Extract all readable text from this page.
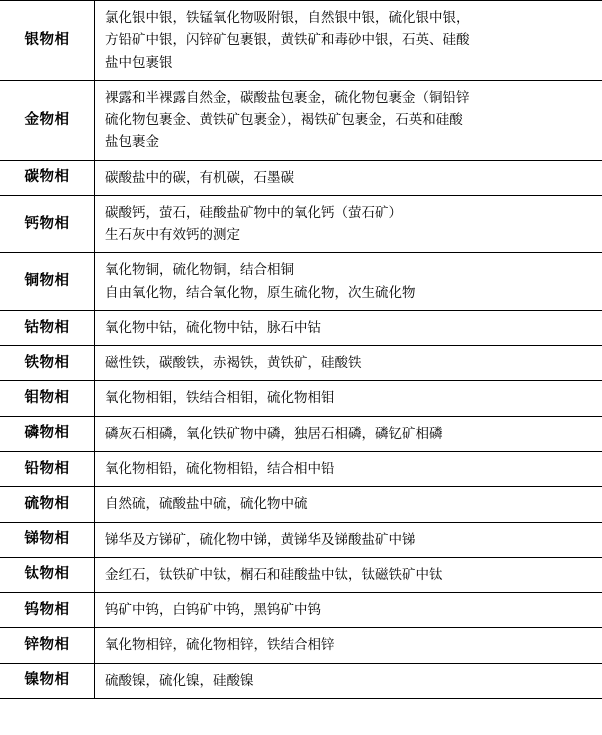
银物相	氯化银中银，铁锰氧化物吸附银，自然银中银，硫化银中银，
方铅矿中银，闪锌矿包裹银，黄铁矿和毒砂中银，石英、硅酸
盐中包裹银

金物相	裸露和半裸露自然金，碳酸盐包裹金，硫化物包裹金（铜铅锌
硫化物包裹金、黄铁矿包裹金），褐铁矿包裹金，石英和硅酸
盐包裹金

碳物相	碳酸盐中的碳，有机碳，石墨碳

钙物相	碳酸钙，萤石，硅酸盐矿物中的氧化钙（萤石矿）
生石灰中有效钙的测定

铜物相	氧化物铜，硫化物铜，结合相铜
自由氧化物，结合氧化物，原生硫化物，次生硫化物

钴物相	氧化物中钴，硫化物中钴，脉石中钴

铁物相	磁性铁，碳酸铁，赤褐铁，黄铁矿，硅酸铁

钼物相	氧化物相钼，铁结合相钼，硫化物相钼

磷物相	磷灰石相磷，氧化铁矿物中磷，独居石相磷，磷钇矿相磷

铅物相	氧化物相铅，硫化物相铅，结合相中铅

硫物相	自然硫，硫酸盐中硫，硫化物中硫

锑物相	锑华及方锑矿，硫化物中锑，黄锑华及锑酸盐矿中锑

钛物相	金红石，钛铁矿中钛，榍石和硅酸盐中钛，钛磁铁矿中钛

钨物相	钨矿中钨，白钨矿中钨，黑钨矿中钨

锌物相	氧化物相锌，硫化物相锌，铁结合相锌

镍物相	硫酸镍，硫化镍，硅酸镍
